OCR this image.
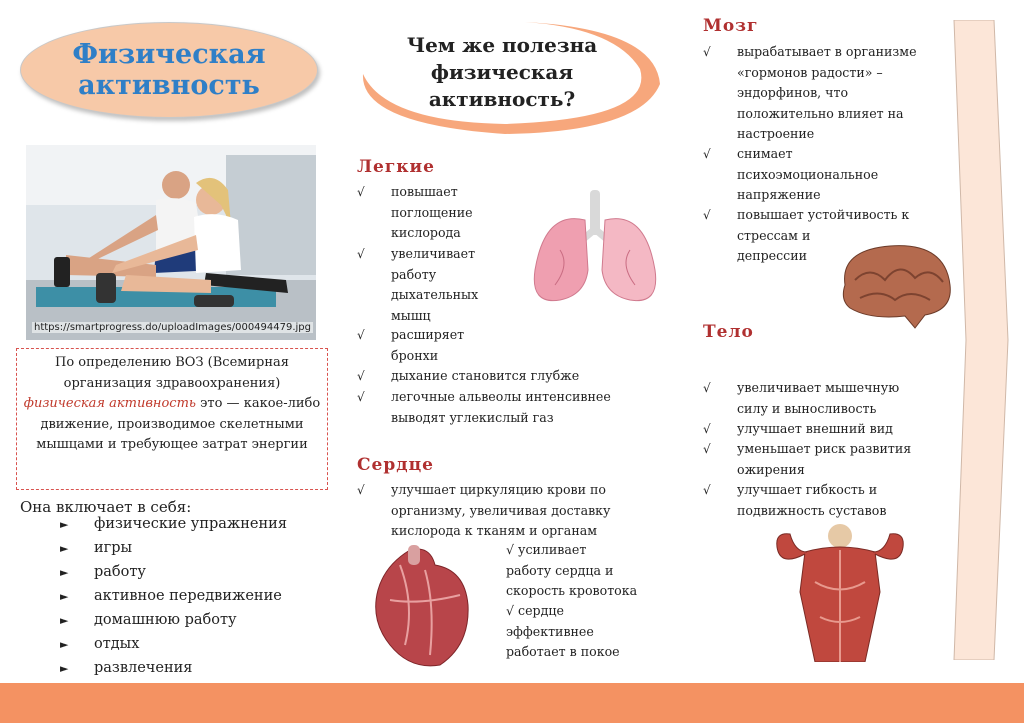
Физическая
активность
https://smartprogress.do/uploadImages/000494479.jpg
По определению ВОЗ (Всемирная организация здравоохранения) физическая активность это — какое-либо движение, производимое скелетными мышцами и требующее затрат энергии
Она включает в себя:
► физические упражнения
► игры
► работу
► активное передвижение
► домашнюю работу
► отдых
► развлечения
Чем же полезна
физическая
активность?
Легкие
√ повышает
поглощение
кислорода
√ увеличивает
работу
дыхательных
мышц
√ расширяет
бронхи
√ дыхание становится глубже
√ легочные альвеолы интенсивнее
выводят углекислый газ
Сердце
√ улучшает циркуляцию крови по
организму, увеличивая доставку
кислорода к тканям и органам
√ усиливает
работу сердца и
скорость кровотока
√ сердце
эффективнее
работает в покое
Мозг
√ вырабатывает в организме
«гормонов радости» –
эндорфинов, что
положительно влияет на
настроение
√ снимает
психоэмоциональное
напряжение
√ повышает устойчивость к
стрессам и
депрессии
Тело
√ увеличивает мышечную
силу и выносливость
√ улучшает внешний вид
√ уменьшает риск развития
ожирения
√ улучшает гибкость и
подвижность суставов
